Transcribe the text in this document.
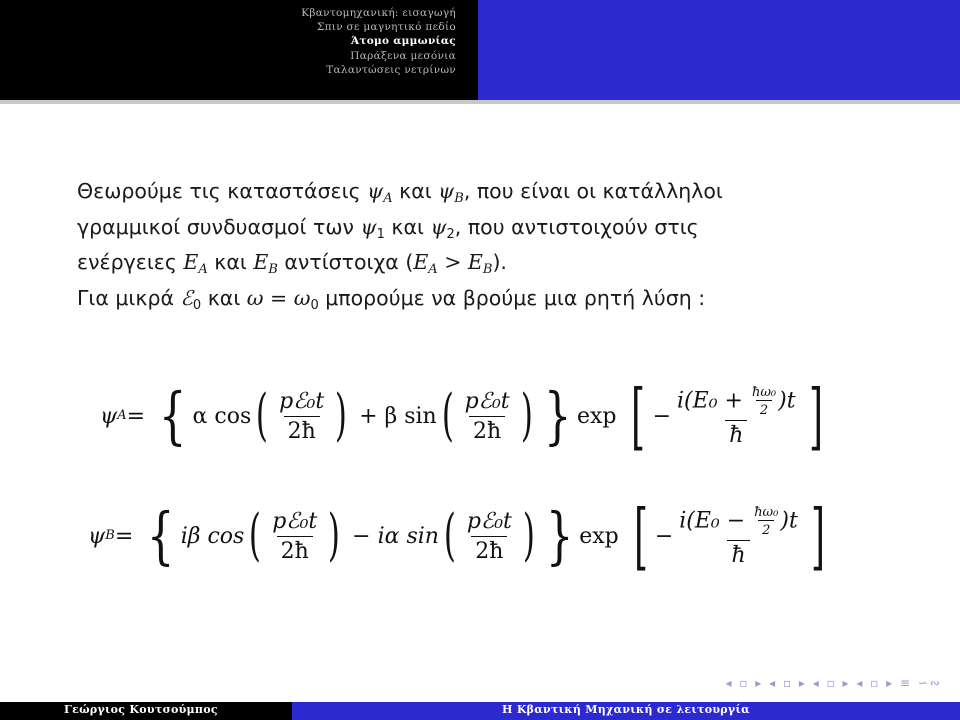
Κβαντομηχανική: εισαγωγή
Σπιν σε μαγνητικό πεδίο
Άτομο αμμωνίας
Παράξενα μεσόνια
Ταλαντώσεις νετρίνων
Θεωρούμε τις καταστάσεις $\psi_A$ και $\psi_B$, που είναι οι κατάλληλοι
γραμμικοί συνδυασμοί των $\psi_1$ και $\psi_2$, που αντιστοιχούν στις
ενέργειες $E_A$ και $E_B$ αντίστοιχα $(E_A > E_B)$.
Για μικρά ℰ$_0$ και $\omega = \omega_0$ μπορούμε να βρούμε μια ρητή λύση :
ψ A = { α cos ( $\frac{\text{pℰ₀t}}{2ħ}$ ) + β sin ( $\frac{\text{pℰ₀t}}{2ħ}$ ) } exp [ − $\frac{i(E_0 + \frac{\text{ħω₀}}{2} )t}{ħ}$ ]
ψ B = { iβ cos ( $\frac{\text{pℰ₀t}}{2ħ}$ ) − iα sin ( $\frac{\text{pℰ₀t}}{2ħ}$ ) } exp [ − $\frac{i(E_0 - \frac{\text{ħω₀}}{2} )t}{ħ}$ ]
◂ ▫ ▸ ◂ ▫ ▸ ◂ ▫ ▸ ◂ ▫ ▸ ≡ ∽∾
Γεώργιος Κουτσούμπος	Η Κβαντική Μηχανική σε λειτουργία
